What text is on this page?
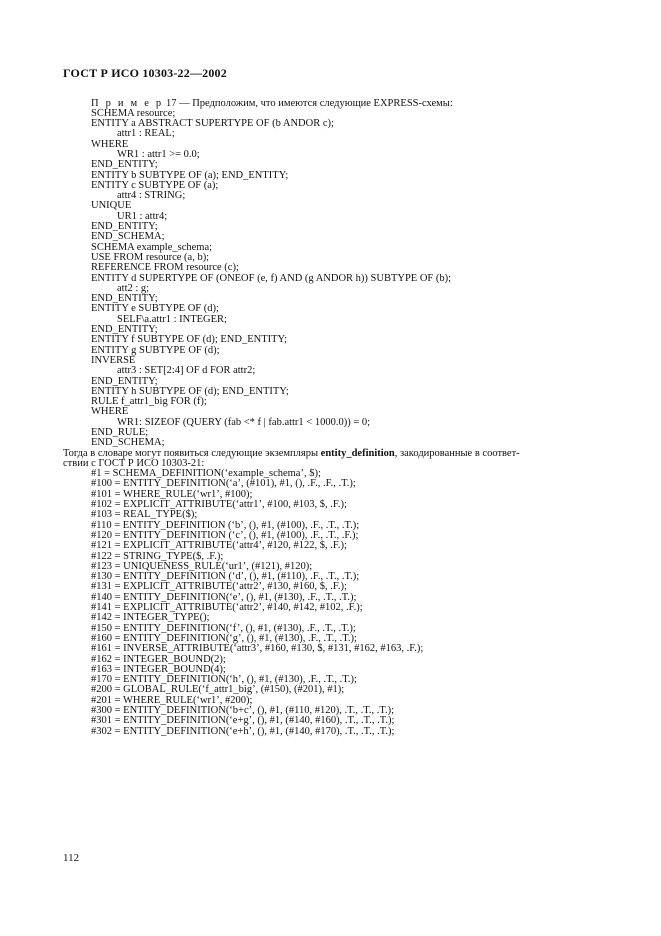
ГОСТ Р ИСО 10303-22—2002
П р и м е р 17 — Предположим, что имеются следующие EXPRESS-схемы:
SCHEMA resource;
ENTITY a ABSTRACT SUPERTYPE OF (b ANDOR c);
attr1 : REAL;
WHERE
WR1 : attr1 >= 0.0;
END_ENTITY;
ENTITY b SUBTYPE OF (a); END_ENTITY;
ENTITY c SUBTYPE OF (a);
attr4 : STRING;
UNIQUE
UR1 : attr4;
END_ENTITY;
END_SCHEMA;
SCHEMA example_schema;
USE FROM resource (a, b);
REFERENCE FROM resource (c);
ENTITY d SUPERTYPE OF (ONEOF (e, f) AND (g ANDOR h)) SUBTYPE OF (b);
att2 : g;
END_ENTITY;
ENTITY e SUBTYPE OF (d);
SELF\a.attr1 : INTEGER;
END_ENTITY;
ENTITY f SUBTYPE OF (d); END_ENTITY;
ENTITY g SUBTYPE OF (d);
INVERSE
attr3 : SET[2:4] OF d FOR attr2;
END_ENTITY;
ENTITY h SUBTYPE OF (d); END_ENTITY;
RULE f_attr1_big FOR (f);
WHERE
WR1: SIZEOF (QUERY (fab <* f | fab.attr1 < 1000.0)) = 0;
END_RULE;
END_SCHEMA;
Тогда в словаре могут появиться следующие экземпляры entity_definition, закодированные в соответ-
ствии с ГОСТ Р ИСО 10303-21:
#1 = SCHEMA_DEFINITION(‘example_schema’, $);
#100 = ENTITY_DEFINITION(‘a’, (#101), #1, (), .F., .F., .T.);
#101 = WHERE_RULE(‘wr1’, #100);
#102 = EXPLICIT_ATTRIBUTE(‘attr1’, #100, #103, $, .F.);
#103 = REAL_TYPE($);
#110 = ENTITY_DEFINITION (‘b’, (), #1, (#100), .F., .T., .T.);
#120 = ENTITY_DEFINITION (‘c’, (), #1, (#100), .F., .T., .F.);
#121 = EXPLICIT_ATTRIBUTE(‘attr4’, #120, #122, $, .F.);
#122 = STRING_TYPE($, .F.);
#123 = UNIQUENESS_RULE(‘ur1’, (#121), #120);
#130 = ENTITY_DEFINITION (‘d’, (), #1, (#110), .F., .T., .T.);
#131 = EXPLICIT_ATTRIBUTE(‘attr2’, #130, #160, $, .F.);
#140 = ENTITY_DEFINITION(‘e’, (), #1, (#130), .F., .T., .T.);
#141 = EXPLICIT_ATTRIBUTE(‘attr2’, #140, #142, #102, .F.);
#142 = INTEGER_TYPE();
#150 = ENTITY_DEFINITION(‘f’, (), #1, (#130), .F., .T., .T.);
#160 = ENTITY_DEFINITION(‘g’, (), #1, (#130), .F., .T., .T.);
#161 = INVERSE_ATTRIBUTE(‘attr3’, #160, #130, $, #131, #162, #163, .F.);
#162 = INTEGER_BOUND(2);
#163 = INTEGER_BOUND(4);
#170 = ENTITY_DEFINITION(‘h’, (), #1, (#130), .F., .T., .T.);
#200 = GLOBAL_RULE(‘f_attr1_big’, (#150), (#201), #1);
#201 = WHERE_RULE(‘wr1’, #200);
#300 = ENTITY_DEFINITION(‘b+c’, (), #1, (#110, #120), .T., .T., .T.);
#301 = ENTITY_DEFINITION(‘e+g’, (), #1, (#140, #160), .T., .T., .T.);
#302 = ENTITY_DEFINITION(‘e+h’, (), #1, (#140, #170), .T., .T., .T.);
112
